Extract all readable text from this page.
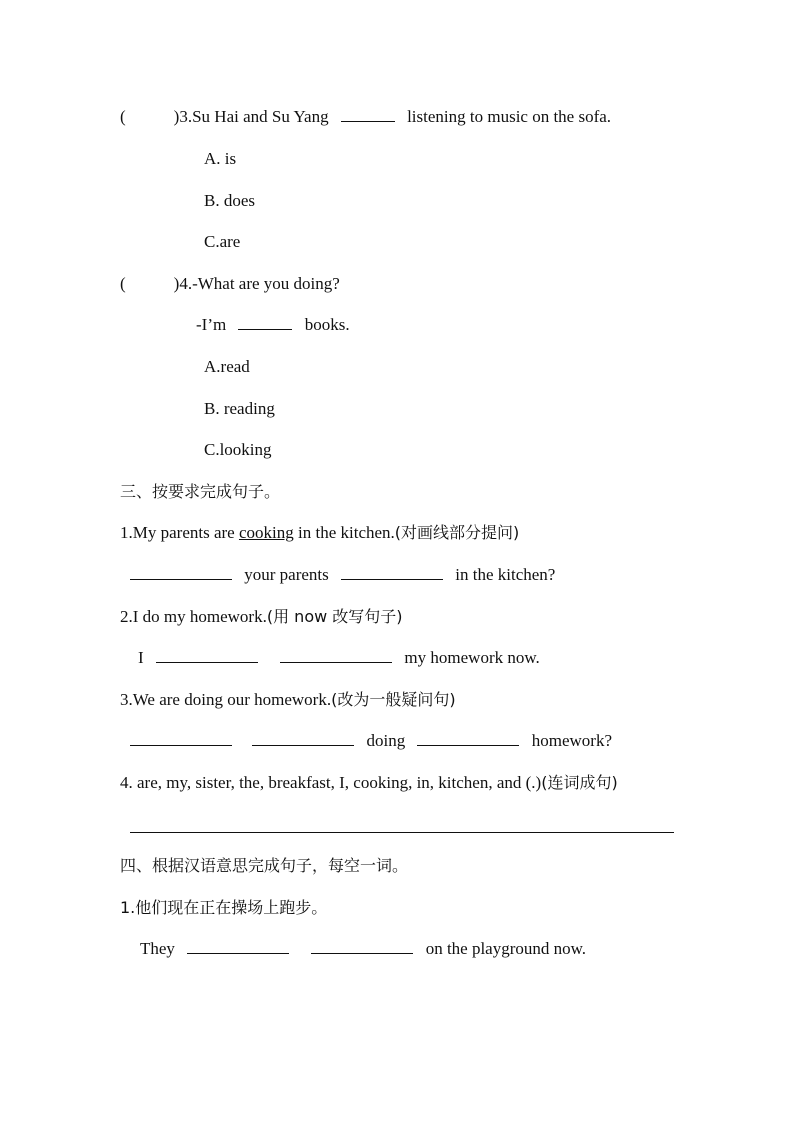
(	)3.Su Hai and Su Yang	listening to music on the sofa.
A. is
B. does
C.are
(	)4.-What are you doing?
-I’m	books.
A.read
B. reading
C.looking
三、按要求完成句子。
1.My parents are cooking in the kitchen.(对画线部分提问)
your parents	in the kitchen?
2.I do my homework.(用 now 改写句子)
I	my homework now.
3.We are doing our homework.(改为一般疑问句)
doing	homework?
4. are, my, sister, the, breakfast, I, cooking, in, kitchen, and (.)(连词成句)
四、根据汉语意思完成句子，每空一词。
1.他们现在正在操场上跑步。
They	on the playground now.
